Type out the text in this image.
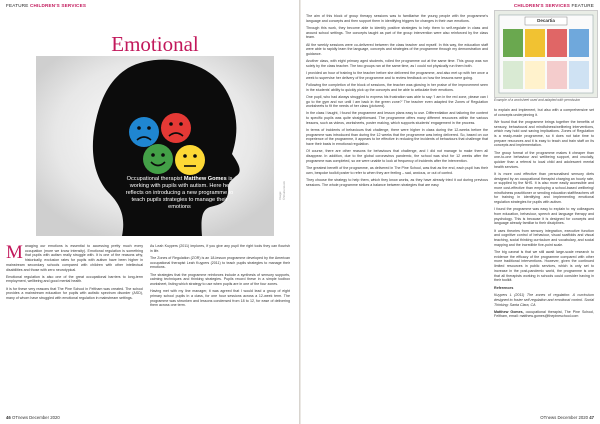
FEATURE CHILDREN'S SERVICES
Emotional
Image: ©Shutterstock
Occupational therapist Matthew Gomes is working with pupils with autism. Here he reflects on introducing a new programme to teach pupils strategies to manage their emotions

Managing our emotions is essential to accessing pretty much every occupation (more we know intensity). Emotional regulation is something that pupils with autism really struggle with. It is one of the reasons why, historically, exclusion rates for pupils with autism have been higher in mainstream secondary schools compared with children with other intellectual disabilities and those with zero neurotypical.

Emotional regulation is also one of the great occupational barriers to long-term employment, wellbeing and good mental health.

It is for these very reasons that The Pine School in Feltham was created. The school provides a mainstream education for pupils with autistic spectrum disorder (ASD), many of whom have struggled with emotional regulation in mainstream settings.

As Leah Kuypers (2011) implores, if you give any pupil the right tools they can flourish in life.

The Zones of Regulation (ZOR) is an 18-lesson programme developed by the American occupational therapist Leah Kuypers (2011) to teach pupils strategies to manage their emotions.

The strategies that the programme reinforces include a synthesis of sensory supports, calming techniques and thinking strategies. Pupils record these in a simple toolbox worksheet, listing which strategy to use when pupils are in one of the four zones.

Having met with my line manager, it was agreed that I would lead a group of eight primary school pupils in a class, for one hour sessions across a 12-week term. The programme was shrunken and lessons condensed from 18 to 12, for ease of delivering them across one term.

46 OTnews December 2020
CHILDREN'S SERVICES FEATURE

The aim of this block of group therapy sessions was to familiarise the young people with the programme's language and concepts and then support them in identifying triggers for changes in their own emotions.

Through this work, they become able to identify positive strategies to help them to self-regulate in class and around school settings. The concepts taught as part of the group intervention were also reinforced by the class team.

All the weekly sessions were co-delivered between the class teacher and myself. In this way, the education staff were able to rapidly learn the language, concepts and strategies of the programme through my demonstration and guidance.

Another class, with eight primary aged students, rolled the programme out at the same time. This group was run solely by the class teacher. The two groups ran at the same time, as I could not physically run them both.

I provided an hour of training to the teacher before she delivered the programme, and also met up with her once a week to supervise her delivery of the programme and to review feedback on how the lessons were going.

Following the completion of the block of sessions, the teacher was glowing in her praise of the improvement seen in the students' ability to quickly pick up the concepts and be able to articulate their emotions.

One pupil, who had always struggled to express his frustration was able to say: 'I am in the red zone, please can I go to the gym and run until I am back in the green zone?' The teacher even adapted the Zones of Regulation worksheets to fit the needs of her class (pictured).

In the class I taught, I found the programme and lesson plans easy to use. Differentiation and tailoring the content to specific pupils was quite straightforward. The programme offers many different resources within the various lessons, such as videos, worksheets, poster making, which supports students' engagement in the process.

In terms of incidents of behaviours that challenge, there were higher in class during the 12-weeks before the programme was introduced than during the 12 weeks that the programme was being delivered. So, based on our experience of the programme, it appears to be effective in reducing the incidents of behaviours that challenge that have their basis in emotional regulation.

Of course, there are other reasons for behaviours that challenge, and I did not manage to make them all disappear. In addition, due to the global coronavirus pandemic, the school was shut for 12 weeks after the programme was completed, so we were unable to look at frequency of incidents after the intervention.

The greatest benefit of the programme, as delivered in The Pine School, was that as the end, each pupil has their own, bespoke toolkit poster to refer to when they are feeling – sad, anxious, or out of control.

They choose the strategy to help them, which they know works, as they have already tried it out during previous sessions. The whole programme strikes a balance between strategies that are easy

to explain and implement, but also with a comprehensive set of concepts underpinning it.

We found that the programme brings together the benefits of sensory, behavioural and mindfulness/wellbeing interventions, which may hold cost saving implications. Zones of Regulation is a ready-made programme, so it does not take time to prepare resources and it is easy to teach and train staff on its concepts and implementation.

The group format of the programme makes it cheaper than one-to-one behaviour and wellbeing support, and crucially, quicker than a referral to local child and adolescent mental health services.

It is more cost effective than personalised sensory diets designed by an occupational therapist charging an hourly rate, or supplied by the NHS. It is also more easily accessible and more cost-effective than employing a school-based wellbeing/ mindfulness practitioner or sending education staff/teachers off for training in identifying and implementing emotional regulation strategies for pupils with autism.

I found the programme was easy to explain to my colleagues from education, behaviour, speech and language therapy and psychology. This is because it is designed for concepts and language already familiar to their disciplines.

It uses theories from sensory integration, executive function and cognitive control of behaviour, visual scaffolds and visual teaching, social thinking curriculum and vocabulary, and social mapping and the incredible five-point scale.

The big caveat is that we still await large-scale research to evidence the efficacy of the programme compared with other more traditional interventions. However, given the continued limited resources in public services, which is only set to increase in the post-pandemic world, the programme is one that all therapists working in schools could consider having in their toolkit.

References

Kuypers L (2011) The zones of regulation: A curriculum designed to foster self-regulation and emotional control. Social Thinking: Santa Clara, CA

Matthew Gomes, occupational therapist, The Pine School, Feltham, email: matthew.gomes@thepineschool.com

OTnews December 2020 47
Decartia
Example of a worksheet used and adapted with permission
